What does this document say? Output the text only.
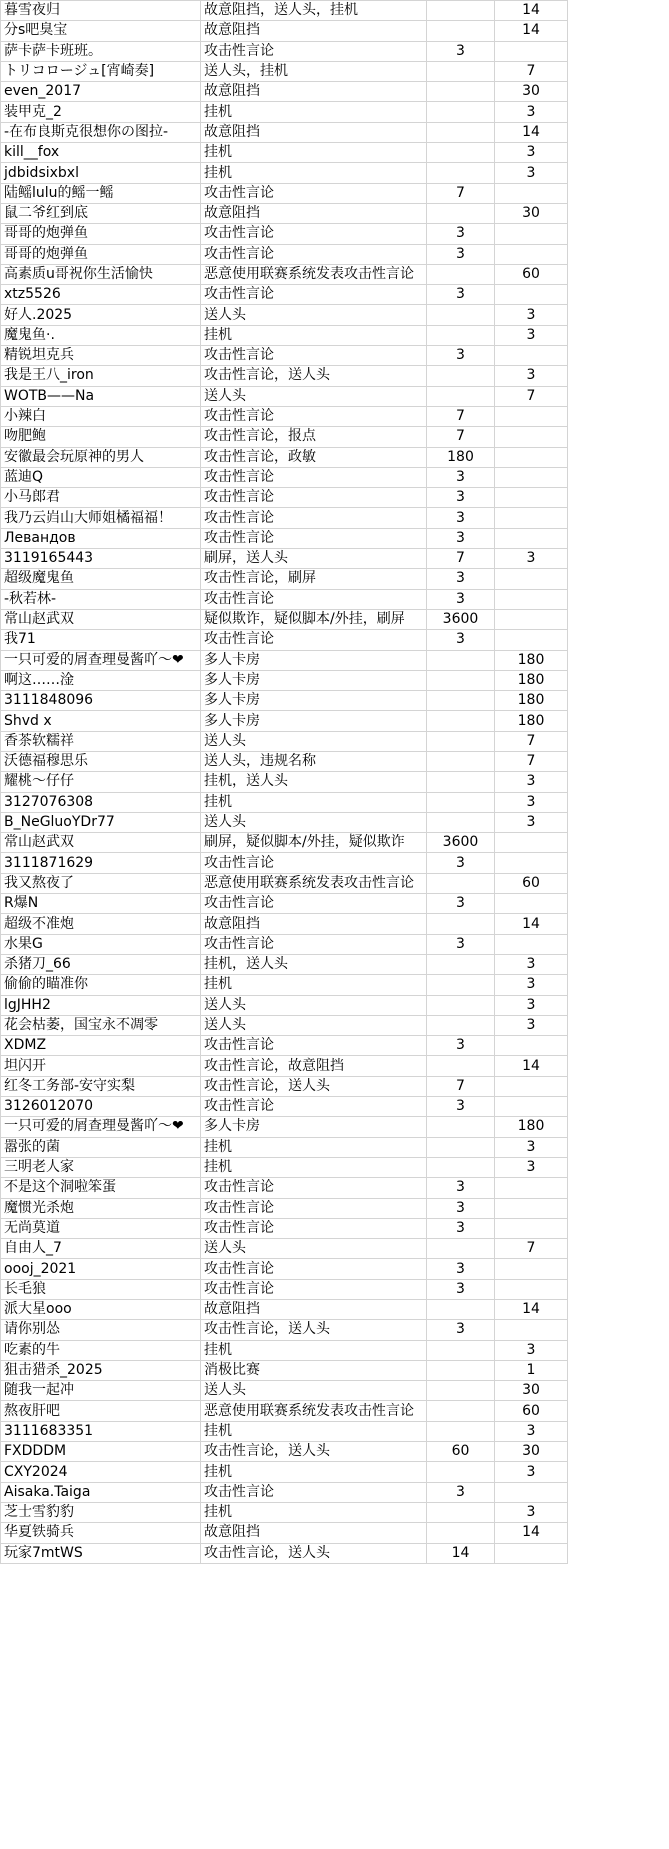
暮雪夜归	故意阻挡，送人头，挂机		14
分s吧臭宝	故意阻挡		14
萨卡萨卡班班。	攻击性言论	3	
トリコロージュ[宵崎奏]	送人头，挂机		7
even_2017	故意阻挡		30
装甲克_2	挂机		3
-在布良斯克很想你の图拉-	故意阻挡		14
kill__fox	挂机		3
jdbidsixbxl	挂机		3
陆鳐lulu的鳐一鳐	攻击性言论	7	
鼠二爷红到底	故意阻挡		30
哥哥的炮弹鱼	攻击性言论	3	
哥哥的炮弹鱼	攻击性言论	3	
高素质u哥祝你生活愉快	恶意使用联赛系统发表攻击性言论		60
xtz5526	攻击性言论	3	
好人.2025	送人头		3
魔鬼鱼·.	挂机		3
精锐坦克兵	攻击性言论	3	
我是王八_iron	攻击性言论，送人头		3
WOTB——Na	送人头		7
小辣白	攻击性言论	7	
吻肥鲍	攻击性言论，报点	7	
安徽最会玩原神的男人	攻击性言论，政敏	180	
蓝迪Q	攻击性言论	3	
小马郎君	攻击性言论	3	
我乃云岿山大师姐橘福福！	攻击性言论	3	
Левандов	攻击性言论	3	
3119165443	刷屏，送人头	7	3
超级魔鬼鱼	攻击性言论，刷屏	3	
-秋若林-	攻击性言论	3	
常山赵武双	疑似欺诈，疑似脚本/外挂，刷屏	3600	
我71	攻击性言论	3	
一只可爱的屑查理曼酱吖～❤	多人卡房		180
啊这……淦	多人卡房		180
3111848096	多人卡房		180
Shvd x	多人卡房		180
香茶软糯祥	送人头		7
沃德福穆思乐	送人头，违规名称		7
耀桃～仔仔	挂机，送人头		3
3127076308	挂机		3
B_NeGluoYDr77	送人头		3
常山赵武双	刷屏，疑似脚本/外挂，疑似欺诈	3600	
3111871629	攻击性言论	3	
我又熬夜了	恶意使用联赛系统发表攻击性言论		60
R爆N	攻击性言论	3	
超级不准炮	故意阻挡		14
水果G	攻击性言论	3	
杀猪刀_66	挂机，送人头		3
偷偷的瞄准你	挂机		3
lgJHH2	送人头		3
花会枯萎，国宝永不凋零	送人头		3
XDMZ	攻击性言论	3	
坦闪开	攻击性言论，故意阻挡		14
红冬工务部-安守实梨	攻击性言论，送人头	7	
3126012070	攻击性言论	3	
一只可爱的屑查理曼酱吖～❤	多人卡房		180
嚣张的菌	挂机		3
三明老人家	挂机		3
不是这个洞啦笨蛋	攻击性言论	3	
魔惯光杀炮	攻击性言论	3	
无尚莫道	攻击性言论	3	
自由人_7	送人头		7
oooj_2021	攻击性言论	3	
长毛狼	攻击性言论	3	
派大星ooo	故意阻挡		14
请你别怂	攻击性言论，送人头	3	
吃素的牛	挂机		3
狙击猎杀_2025	消极比赛		1
随我一起冲	送人头		30
熬夜肝吧	恶意使用联赛系统发表攻击性言论		60
3111683351	挂机		3
FXDDDM	攻击性言论，送人头	60	30
CXY2024	挂机		3
Aisaka.Taiga	攻击性言论	3	
芝士雪豹豹	挂机		3
华夏铁骑兵	故意阻挡		14
玩家7mtWS	攻击性言论，送人头	14	
